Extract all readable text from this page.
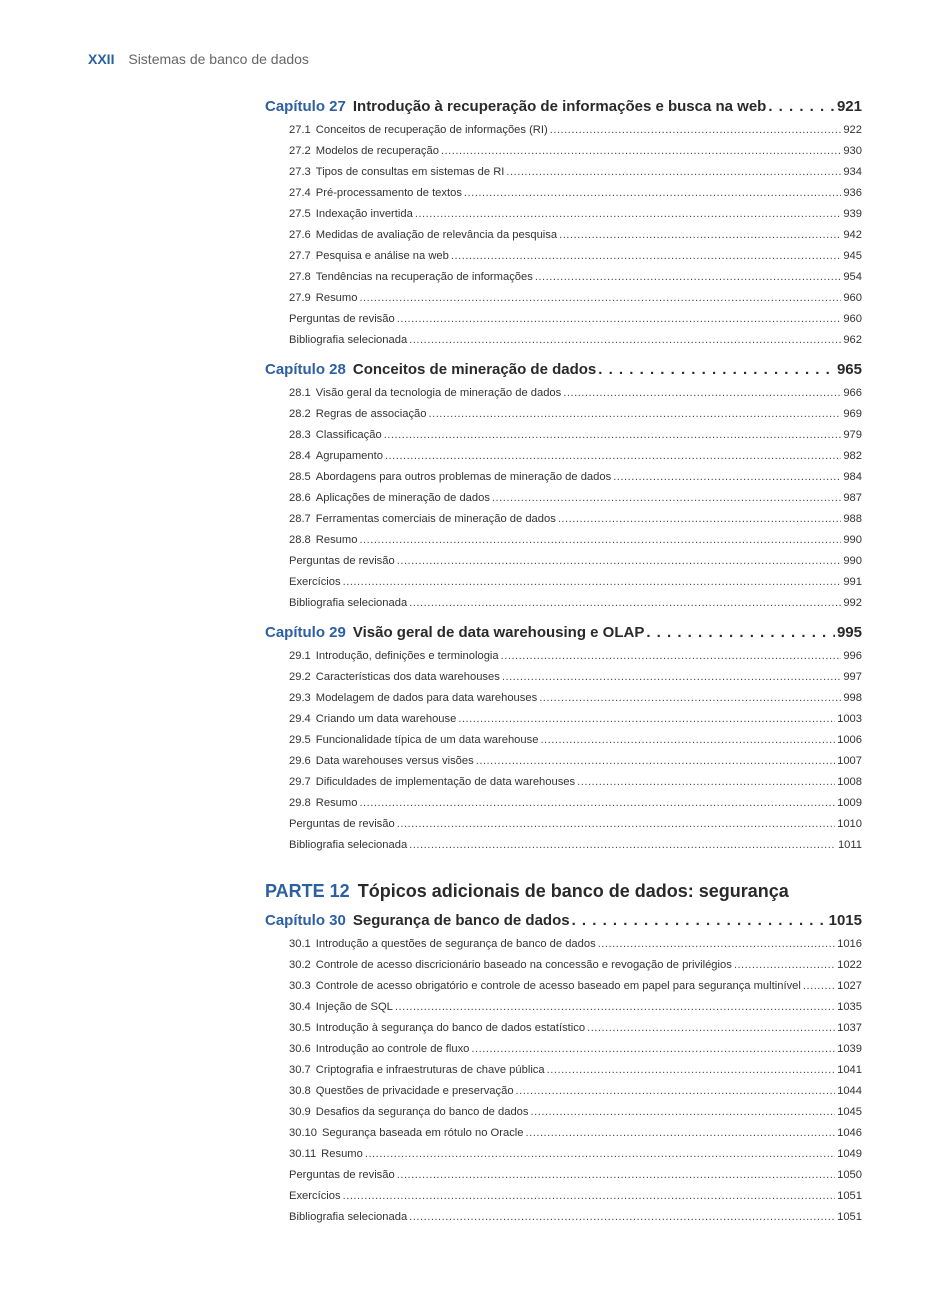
XXII Sistemas de banco de dados
Capítulo 27 Introdução à recuperação de informações e busca na web . . .	921
27.1 Conceitos de recuperação de informações (RI) .....	922
27.2 Modelos de recuperação .....	930
27.3 Tipos de consultas em sistemas de RI .....	934
27.4 Pré-processamento de textos .....	936
27.5 Indexação invertida .....	939
27.6 Medidas de avaliação de relevância da pesquisa .....	942
27.7 Pesquisa e análise na web .....	945
27.8 Tendências na recuperação de informações .....	954
27.9 Resumo .....	960
Perguntas de revisão .....	960
Bibliografia selecionada .....	962
Capítulo 28 Conceitos de mineração de dados . . .	965
28.1 Visão geral da tecnologia de mineração de dados .....	966
28.2 Regras de associação .....	969
28.3 Classificação .....	979
28.4 Agrupamento .....	982
28.5 Abordagens para outros problemas de mineração de dados .....	984
28.6 Aplicações de mineração de dados .....	987
28.7 Ferramentas comerciais de mineração de dados .....	988
28.8 Resumo .....	990
Perguntas de revisão .....	990
Exercícios .....	991
Bibliografia selecionada .....	992
Capítulo 29 Visão geral de data warehousing e OLAP . . .	995
29.1 Introdução, definições e terminologia .....	996
29.2 Características dos data warehouses .....	997
29.3 Modelagem de dados para data warehouses .....	998
29.4 Criando um data warehouse .....	1003
29.5 Funcionalidade típica de um data warehouse .....	1006
29.6 Data warehouses versus visões .....	1007
29.7 Dificuldades de implementação de data warehouses .....	1008
29.8 Resumo .....	1009
Perguntas de revisão .....	1010
Bibliografia selecionada .....	1011
PARTE 12 Tópicos adicionais de banco de dados: segurança
Capítulo 30 Segurança de banco de dados . . .	1015
30.1 Introdução a questões de segurança de banco de dados .....	1016
30.2 Controle de acesso discricionário baseado na concessão e revogação de privilégios .....	1022
30.3 Controle de acesso obrigatório e controle de acesso baseado em papel para segurança multinível .....	1027
30.4 Injeção de SQL .....	1035
30.5 Introdução à segurança do banco de dados estatístico .....	1037
30.6 Introdução ao controle de fluxo .....	1039
30.7 Criptografia e infraestruturas de chave pública .....	1041
30.8 Questões de privacidade e preservação .....	1044
30.9 Desafios da segurança do banco de dados .....	1045
30.10 Segurança baseada em rótulo no Oracle .....	1046
30.11 Resumo .....	1049
Perguntas de revisão .....	1050
Exercícios .....	1051
Bibliografia selecionada .....	1051
